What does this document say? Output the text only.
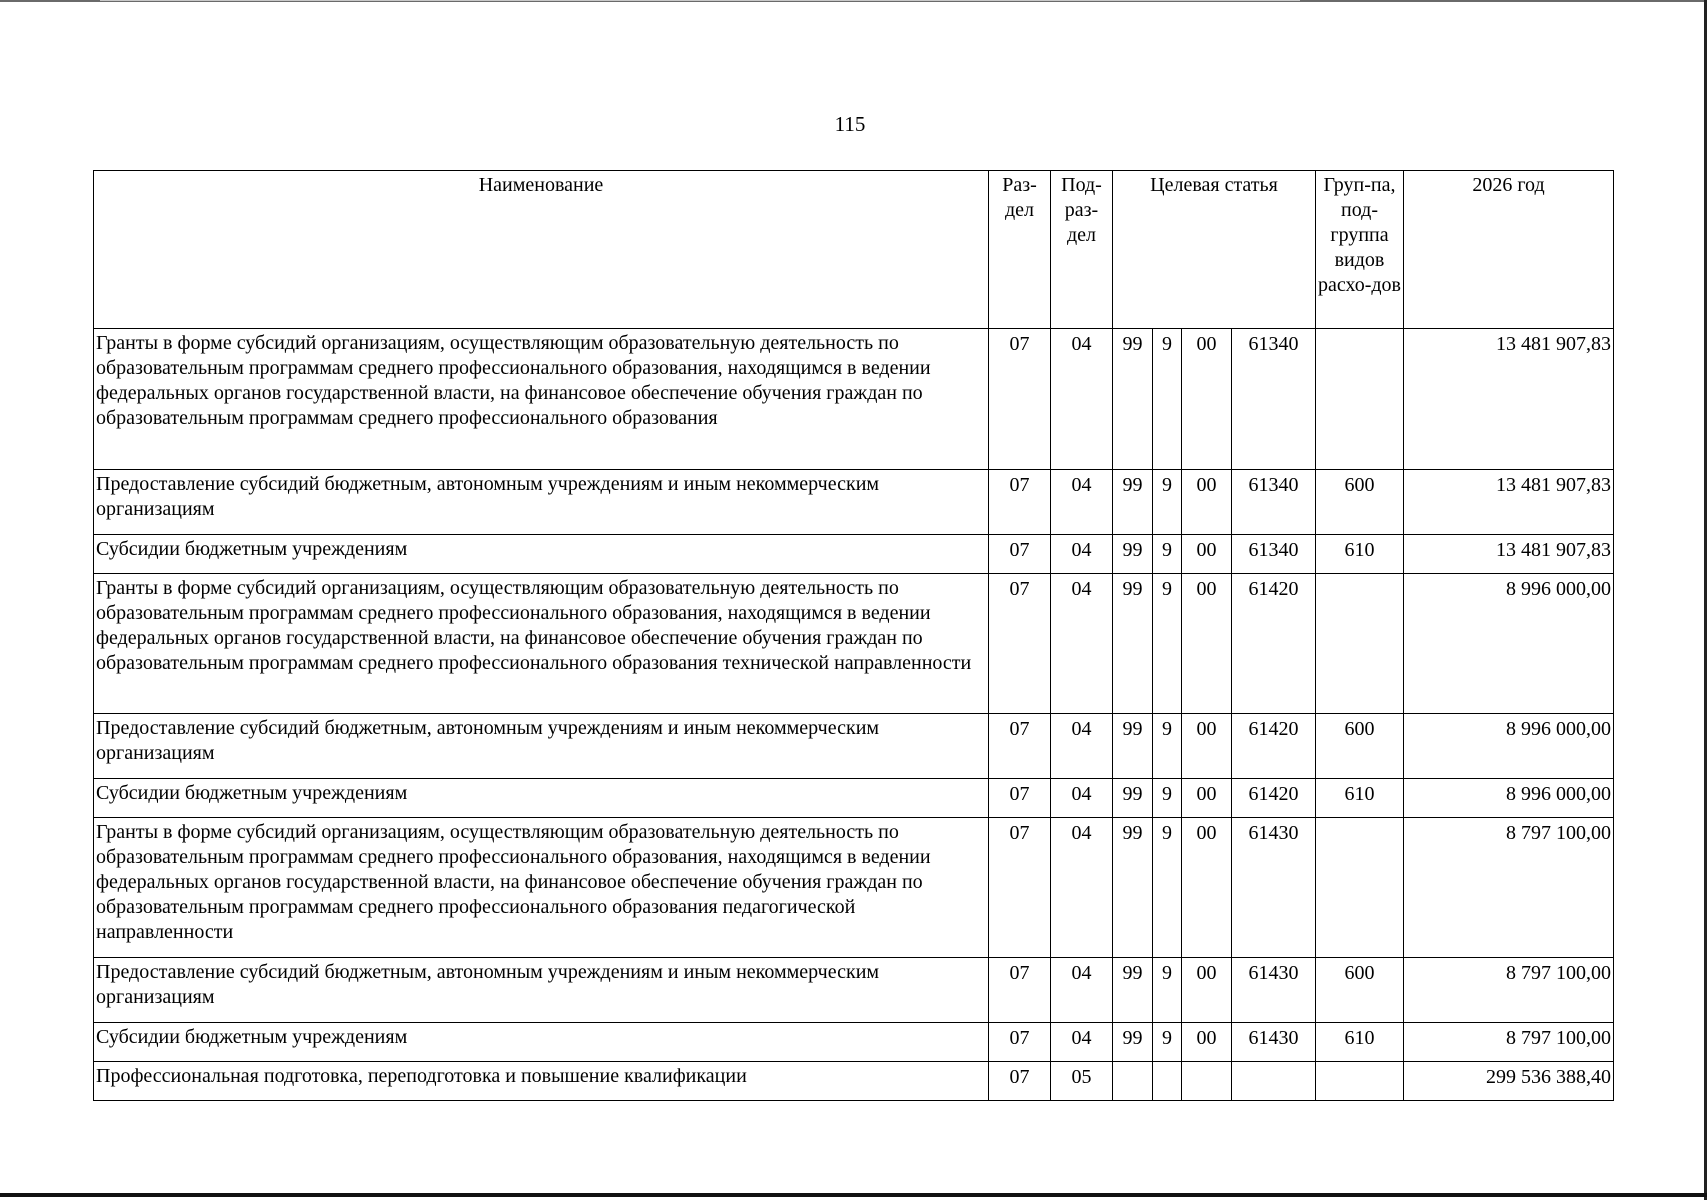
115
Наименование	Раз-дел	Под-раз-дел	Целевая статья				Груп-па, под-группа видов расхо-дов	2026 год
Гранты в форме субсидий организациям, осуществляющим образовательную деятельность по образовательным программам среднего профессионального образования, находящимся в ведении федеральных органов государственной власти, на финансовое обеспечение обучения граждан по образовательным программам среднего профессионального образования	07	04	99	9	00	61340		13 481 907,83
Предоставление субсидий бюджетным, автономным учреждениям и иным некоммерческим организациям	07	04	99	9	00	61340	600	13 481 907,83
Субсидии бюджетным учреждениям	07	04	99	9	00	61340	610	13 481 907,83
Гранты в форме субсидий организациям, осуществляющим образовательную деятельность по образовательным программам среднего профессионального образования, находящимся в ведении федеральных органов государственной власти, на финансовое обеспечение обучения граждан по образовательным программам среднего профессионального образования технической направленности	07	04	99	9	00	61420		8 996 000,00
Предоставление субсидий бюджетным, автономным учреждениям и иным некоммерческим организациям	07	04	99	9	00	61420	600	8 996 000,00
Субсидии бюджетным учреждениям	07	04	99	9	00	61420	610	8 996 000,00
Гранты в форме субсидий организациям, осуществляющим образовательную деятельность по образовательным программам среднего профессионального образования, находящимся в ведении федеральных органов государственной власти, на финансовое обеспечение обучения граждан по образовательным программам среднего профессионального образования педагогической направленности	07	04	99	9	00	61430		8 797 100,00
Предоставление субсидий бюджетным, автономным учреждениям и иным некоммерческим организациям	07	04	99	9	00	61430	600	8 797 100,00
Субсидии бюджетным учреждениям	07	04	99	9	00	61430	610	8 797 100,00
Профессиональная подготовка, переподготовка и повышение квалификации	07	05						299 536 388,40
